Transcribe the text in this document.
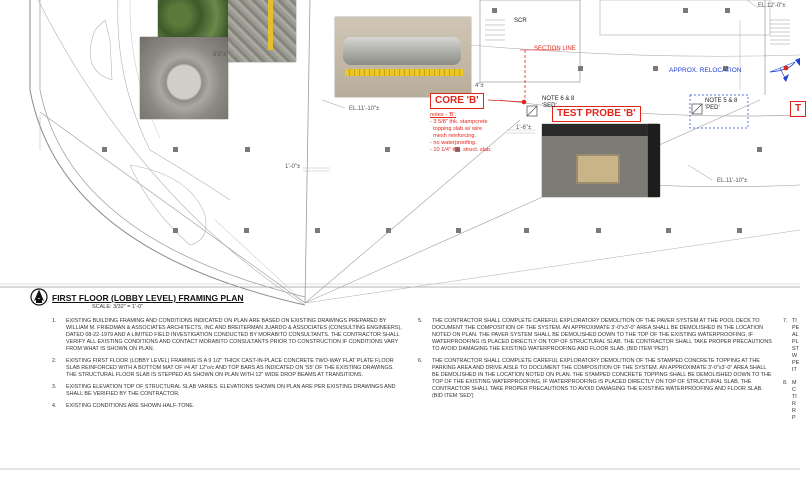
SCR
SECTION LINE
APPROX. RELOCATION
EL.12'-0"±
EL.11'-10"±
EL.11'-10"±
1'-0"±
1'-6"±
4"±
5'3"±
CORE 'B'
TEST PROBE 'B'	T
NOTE 6 & 8
'SED'
NOTE 5 & 8
'PED'
notes - 'B':
- 3 5/8" thk. stampcrete
topping slab w/ wire
mesh reinforcing.
- no waterproofing.
- 10 1/4" thk. struct. slab.
FIRST FLOOR (LOBBY LEVEL) FRAMING PLAN
SCALE: 3/32" = 1'-0"

1.	EXISTING BUILDING FRAMING AND CONDITIONS INDICATED ON PLAN ARE BASED ON EXISTING DRAWINGS PREPARED BY WILLIAM M. FRIEDMAN & ASSOCIATES ARCHITECTS, INC AND BREITERMAN JUARDO & ASSOCIATES (CONSULTING ENGINEERS), DATED 08-22-1979 AND A LIMITED FIELD INVESTIGATION CONDUCTED BY MORABITO CONSULTANTS. THE CONTRACTOR SHALL VERIFY ALL EXISTING CONDITIONS AND CONTACT MORABITO CONSULTANTS PRIOR TO CONSTRUCTION IF CONDITIONS VARY FROM WHAT IS SHOWN ON PLAN.

2.	EXISTING FIRST FLOOR (LOBBY LEVEL) FRAMING IS A 9 1/2" THICK CAST-IN-PLACE CONCRETE TWO-WAY FLAT PLATE FLOOR SLAB REINFORCED WITH A BOTTOM MAT OF #4 AT 12"o/c AND TOP BARS AS INDICATED ON 'S5' OF THE EXISTING DRAWINGS. THE STRUCTURAL FLOOR SLAB IS STEPPED AS SHOWN ON PLAN WITH 12" WIDE DROP BEAMS AT TRANSITIONS.

3.	EXISTING ELEVATION TOP OF STRUCTURAL SLAB VARIES. ELEVATIONS SHOWN ON PLAN ARE PER EXISTING DRAWINGS AND SHALL BE VERIFIED BY THE CONTRACTOR.

4.	EXISTING CONDITIONS ARE SHOWN HALF-TONE.

5.	THE CONTRACTOR SHALL COMPLETE CAREFUL EXPLORATORY DEMOLITION OF THE PAVER SYSTEM AT THE POOL DECK TO DOCUMENT THE COMPOSITION OF THE SYSTEM. AN APPROXIMATE 3'-0"x3'-0" AREA SHALL BE DEMOLISHED IN THE LOCATION NOTED ON PLAN. THE PAVER SYSTEM SHALL BE DEMOLISHED DOWN TO THE TOP OF THE EXISTING WATERPROOFING, IF WATERPROOFING IS PLACED DIRECTLY ON TOP OF STRUCTURAL SLAB. THE CONTRACTOR SHALL TAKE PROPER PRECAUTIONS TO AVOID DAMAGING THE EXISTING WATERPROOFING AND FLOOR SLAB. (BID ITEM 'PED')

6.	THE CONTRACTOR SHALL COMPLETE CAREFUL EXPLORATORY DEMOLITION OF THE STAMPED CONCRETE TOPPING AT THE PARKING AREA AND DRIVE AISLE TO DOCUMENT THE COMPOSITION OF THE SYSTEM. AN APPROXIMATE 3'-0"x3'-0" AREA SHALL BE DEMOLISHED IN THE LOCATION NOTED ON PLAN. THE STAMPED CONCRETE TOPPING SHALL BE DEMOLISHED DOWN TO THE TOP OF THE EXISTING WATERPROOFING, IF WATERPROOFING IS PLACED DIRECTLY ON TOP OF STRUCTURAL SLAB. THE CONTRACTOR SHALL TAKE PROPER PRECAUTIONS TO AVOID DAMAGING THE EXISTING WATERPROOFING AND FLOOR SLAB. (BID ITEM 'SED')

7. TI
PE
AL
PL
ST
W
PE
IT
8. M
C
TI
R
R
P
